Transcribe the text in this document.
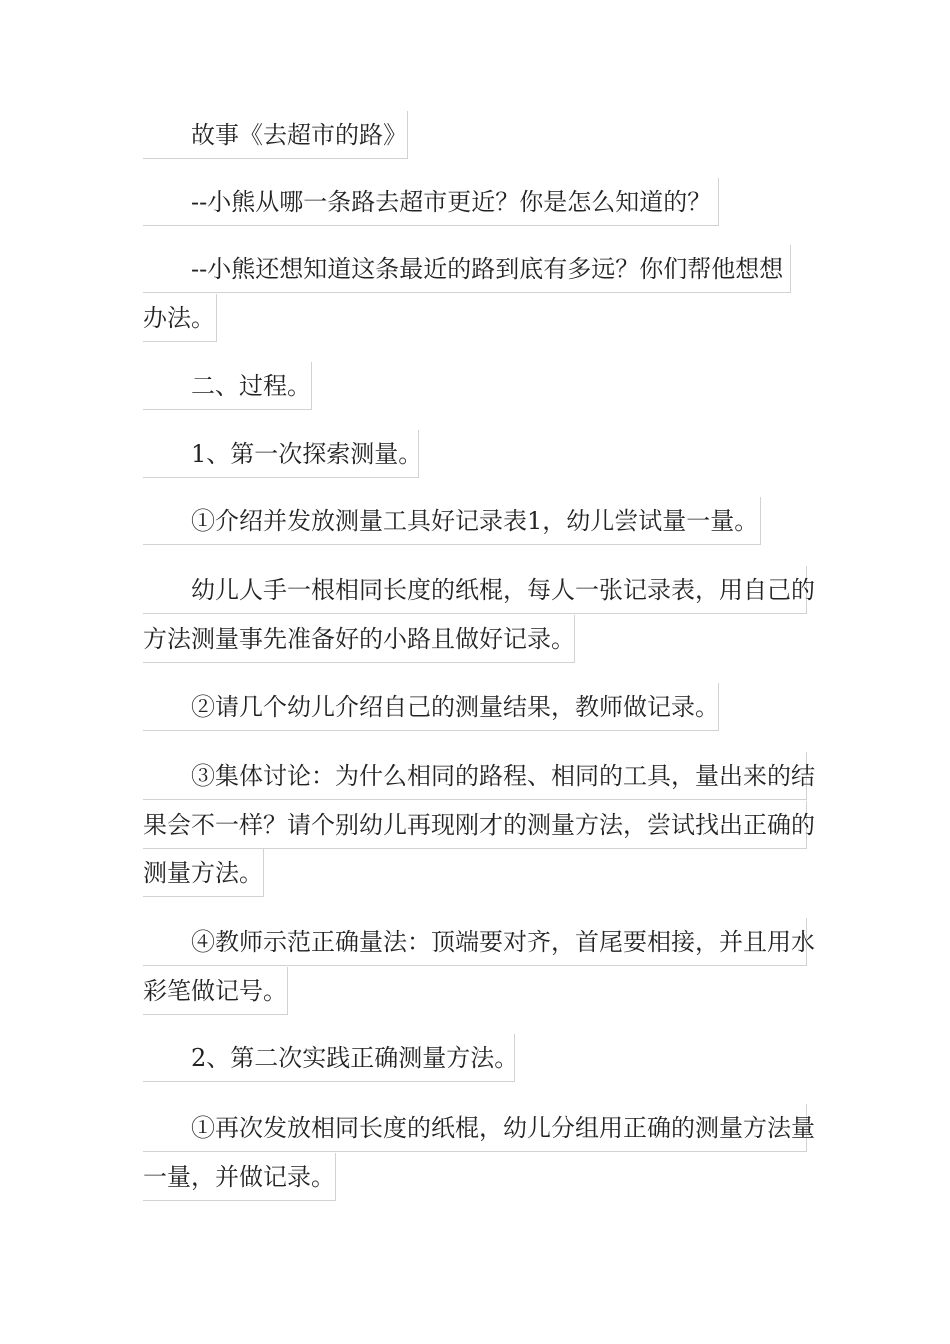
故事《去超市的路》
--小熊从哪一条路去超市更近？你是怎么知道的？
--小熊还想知道这条最近的路到底有多远？你们帮他想想
办法。
二、过程。
1、第一次探索测量。
①介绍并发放测量工具好记录表1，幼儿尝试量一量。
幼儿人手一根相同长度的纸棍，每人一张记录表，用自己的
方法测量事先准备好的小路且做好记录。
②请几个幼儿介绍自己的测量结果，教师做记录。
③集体讨论：为什么相同的路程、相同的工具，量出来的结
果会不一样？请个别幼儿再现刚才的测量方法，尝试找出正确的
测量方法。
④教师示范正确量法：顶端要对齐，首尾要相接，并且用水
彩笔做记号。
2、第二次实践正确测量方法。
①再次发放相同长度的纸棍，幼儿分组用正确的测量方法量
一量，并做记录。
